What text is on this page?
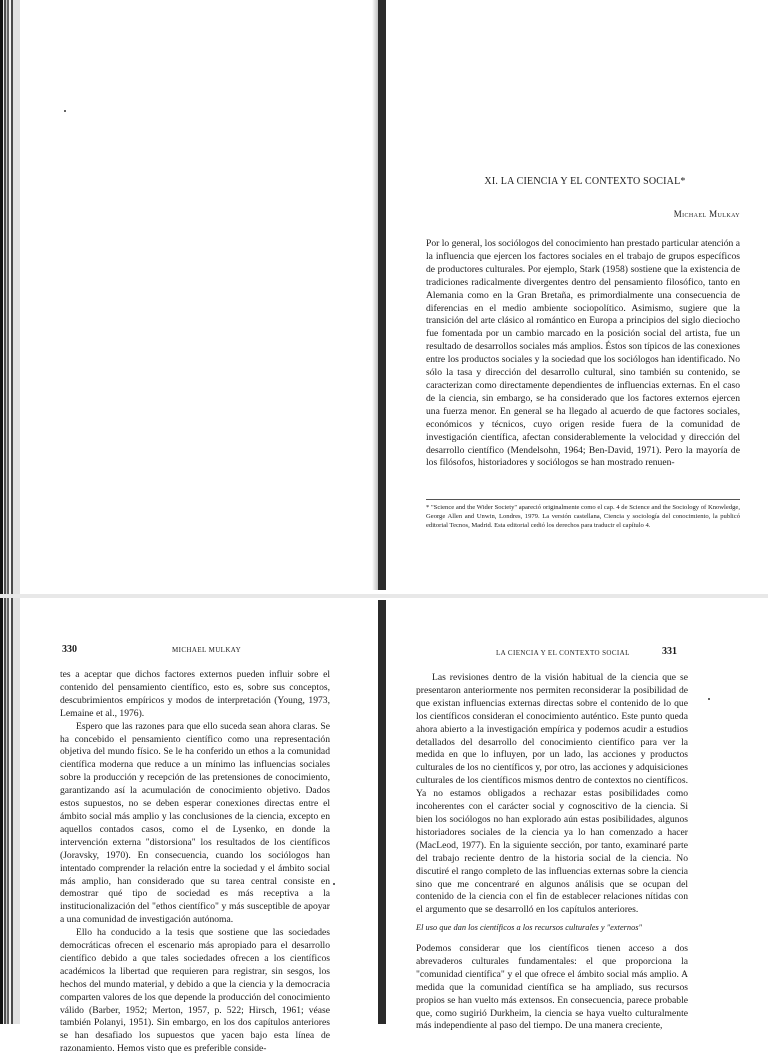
XI. LA CIENCIA Y EL CONTEXTO SOCIAL*
Michael Mulkay

Por lo general, los sociólogos del conocimiento han prestado particular atención a la influencia que ejercen los factores sociales en el trabajo de grupos específicos de productores culturales. Por ejemplo, Stark (1958) sostiene que la existencia de tradiciones radicalmente divergentes dentro del pensamiento filosófico, tanto en Alemania como en la Gran Bretaña, es primordialmente una consecuencia de diferencias en el medio ambiente sociopolítico. Asimismo, sugiere que la transición del arte clásico al romántico en Europa a principios del siglo dieciocho fue fomentada por un cambio marcado en la posición social del artista, fue un resultado de desarrollos sociales más amplios. Éstos son típicos de las conexiones entre los productos sociales y la sociedad que los sociólogos han identificado. No sólo la tasa y dirección del desarrollo cultural, sino también su contenido, se caracterizan como directamente dependientes de influencias externas. En el caso de la ciencia, sin embargo, se ha considerado que los factores externos ejercen una fuerza menor. En general se ha llegado al acuerdo de que factores sociales, económicos y técnicos, cuyo origen reside fuera de la comunidad de investigación científica, afectan considerablemente la velocidad y dirección del desarrollo científico (Mendelsohn, 1964; Ben-David, 1971). Pero la mayoría de los filósofos, historiadores y sociólogos se han mostrado renuen-

* "Science and the Wider Society" apareció originalmente como el cap. 4 de Science and the Sociology of Knowledge, George Allen and Unwin, Londres, 1979. La versión castellana, Ciencia y sociología del conocimiento, la publicó editorial Tecnos, Madrid. Esta editorial cedió los derechos para traducir el capítulo 4.

330	MICHAEL MULKAY

tes a aceptar que dichos factores externos pueden influir sobre el contenido del pensamiento científico, esto es, sobre sus conceptos, descubrimientos empíricos y modos de interpretación (Young, 1973, Lemaine et al., 1976).

Espero que las razones para que ello suceda sean ahora claras. Se ha concebido el pensamiento científico como una representación objetiva del mundo físico. Se le ha conferido un ethos a la comunidad científica moderna que reduce a un mínimo las influencias sociales sobre la producción y recepción de las pretensiones de conocimiento, garantizando así la acumulación de conocimiento objetivo. Dados estos supuestos, no se deben esperar conexiones directas entre el ámbito social más amplio y las conclusiones de la ciencia, excepto en aquellos contados casos, como el de Lysenko, en donde la intervención externa "distorsiona" los resultados de los científicos (Joravsky, 1970). En consecuencia, cuando los sociólogos han intentado comprender la relación entre la sociedad y el ámbito social más amplio, han considerado que su tarea central consiste en demostrar qué tipo de sociedad es más receptiva a la institucionalización del "ethos científico" y más susceptible de apoyar a una comunidad de investigación autónoma.

Ello ha conducido a la tesis que sostiene que las sociedades democráticas ofrecen el escenario más apropiado para el desarrollo científico debido a que tales sociedades ofrecen a los científicos académicos la libertad que requieren para registrar, sin sesgos, los hechos del mundo material, y debido a que la ciencia y la democracia comparten valores de los que depende la producción del conocimiento válido (Barber, 1952; Merton, 1957, p. 522; Hirsch, 1961; véase también Polanyi, 1951). Sin embargo, en los dos capítulos anteriores se han desafiado los supuestos que yacen bajo esta línea de razonamiento. Hemos visto que es preferible conside-

LA CIENCIA Y EL CONTEXTO SOCIAL	331

Las revisiones dentro de la visión habitual de la ciencia que se presentaron anteriormente nos permiten reconsiderar la posibilidad de que existan influencias externas directas sobre el contenido de lo que los científicos consideran el conocimiento auténtico. Este punto queda ahora abierto a la investigación empírica y podemos acudir a estudios detallados del desarrollo del conocimiento científico para ver la medida en que lo influyen, por un lado, las acciones y productos culturales de los no científicos y, por otro, las acciones y adquisiciones culturales de los científicos mismos dentro de contextos no científicos. Ya no estamos obligados a rechazar estas posibilidades como incoherentes con el carácter social y cognoscitivo de la ciencia. Si bien los sociólogos no han explorado aún estas posibilidades, algunos historiadores sociales de la ciencia ya lo han comenzado a hacer (MacLeod, 1977). En la siguiente sección, por tanto, examinaré parte del trabajo reciente dentro de la historia social de la ciencia. No discutiré el rango completo de las influencias externas sobre la ciencia sino que me concentraré en algunos análisis que se ocupan del contenido de la ciencia con el fin de establecer relaciones nítidas con el argumento que se desarrolló en los capítulos anteriores.

El uso que dan los científicos a los recursos culturales y "externos"

Podemos considerar que los científicos tienen acceso a dos abrevaderos culturales fundamentales: el que proporciona la "comunidad científica" y el que ofrece el ámbito social más amplio. A medida que la comunidad científica se ha ampliado, sus recursos propios se han vuelto más extensos. En consecuencia, parece probable que, como sugirió Durkheim, la ciencia se haya vuelto culturalmente más independiente al paso del tiempo. De una manera creciente,
